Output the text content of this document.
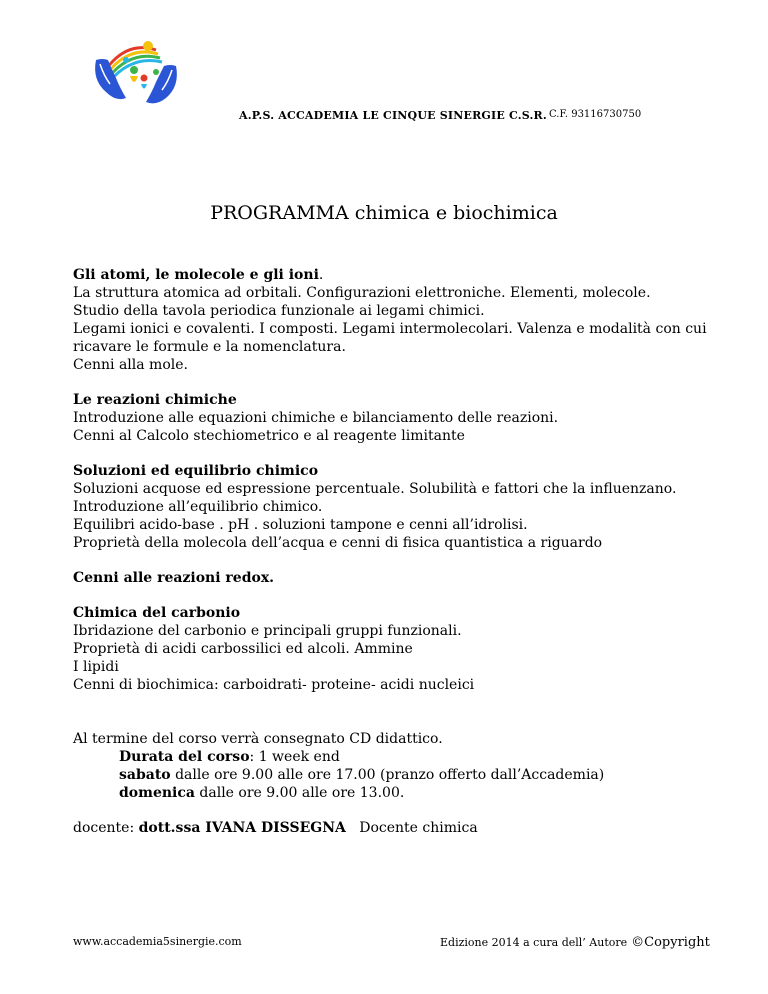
A.P.S. ACCADEMIA LE CINQUE SINERGIE C.S.R. C.F. 93116730750
PROGRAMMA chimica e biochimica
Gli atomi, le molecole e gli ioni.
La struttura atomica ad orbitali. Configurazioni elettroniche. Elementi, molecole.
Studio della tavola periodica funzionale ai legami chimici.
Legami ionici e covalenti. I composti. Legami intermolecolari. Valenza e modalità con cui
ricavare le formule e la nomenclatura.
Cenni alla mole.
Le reazioni chimiche
Introduzione alle equazioni chimiche e bilanciamento delle reazioni.
Cenni al Calcolo stechiometrico e al reagente limitante
Soluzioni ed equilibrio chimico
Soluzioni acquose ed espressione percentuale. Solubilità e fattori che la influenzano.
Introduzione all’equilibrio chimico.
Equilibri acido-base . pH . soluzioni tampone e cenni all’idrolisi.
Proprietà della molecola dell’acqua e cenni di fisica quantistica a riguardo
Cenni alle reazioni redox.
Chimica del carbonio
Ibridazione del carbonio e principali gruppi funzionali.
Proprietà di acidi carbossilici ed alcoli. Ammine
I lipidi
Cenni di biochimica: carboidrati- proteine- acidi nucleici
Al termine del corso verrà consegnato CD didattico.
Durata del corso: 1 week end
sabato dalle ore 9.00 alle ore 17.00 (pranzo offerto dall’Accademia)
domenica dalle ore 9.00 alle ore 13.00.
docente: dott.ssa IVANA DISSEGNA   Docente chimica
www.accademia5sinergie.com	Edizione 2014 a cura dell’ Autore ©Copyright
